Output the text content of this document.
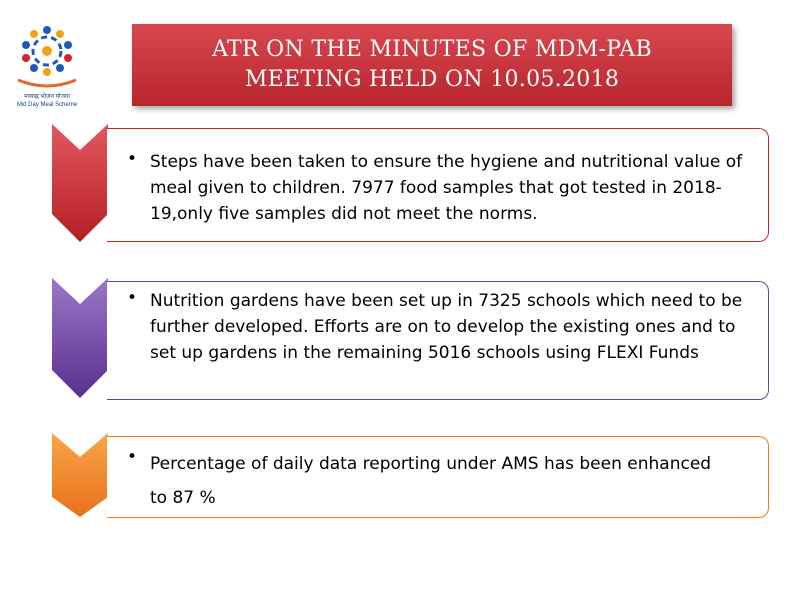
मध्याह्न भोजन योजना
Mid Day Meal Scheme
ATR ON THE MINUTES OF MDM-PAB
MEETING HELD ON 10.05.2018
• Steps have been taken to ensure the hygiene and nutritional value of meal given to children. 7977 food samples that got tested in 2018-19,only five samples did not meet the norms.
• Nutrition gardens have been set up in 7325 schools which need to be further developed. Efforts are on to develop the existing ones and to set up gardens in the remaining 5016 schools using FLEXI Funds
• Percentage of daily data reporting under AMS has been enhanced to 87 %
